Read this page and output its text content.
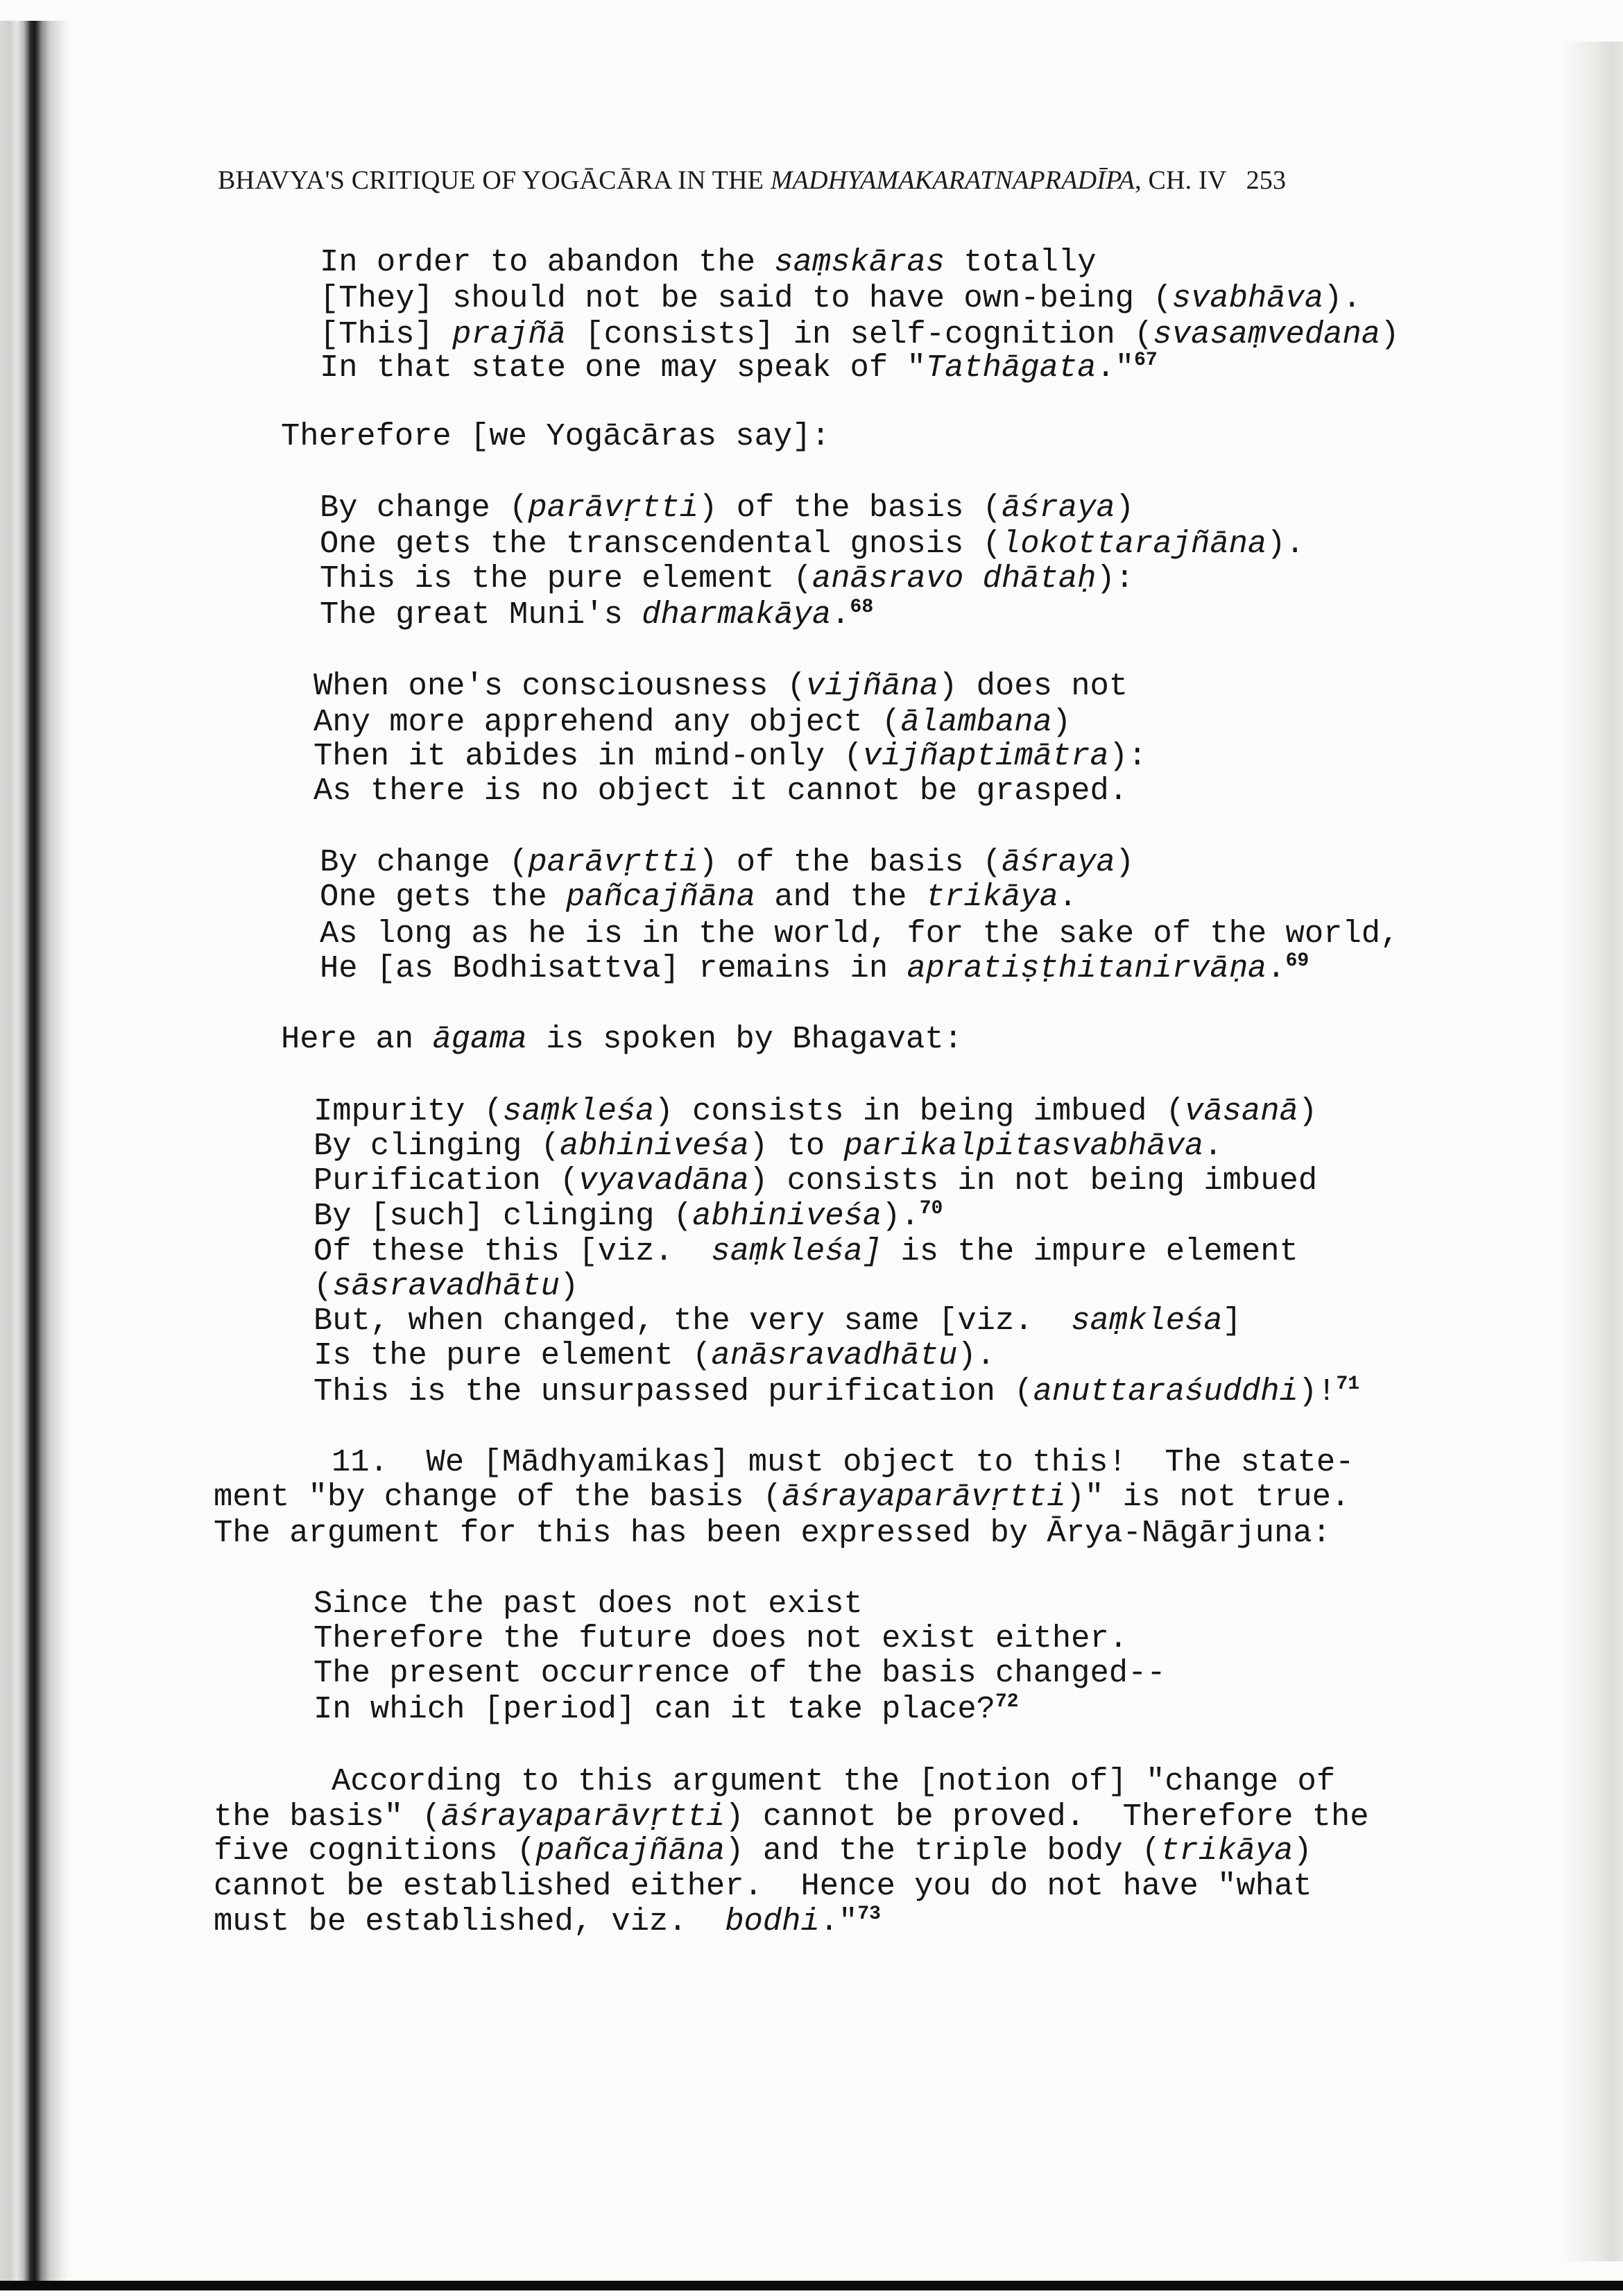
BHAVYA'S CRITIQUE OF YOGĀCĀRA IN THE MADHYAMAKARATNAPRADĪPA, CH. IV 253
In order to abandon the saṃskāras totally
[They] should not be said to have own-being (svabhāva).
[This] prajñā [consists] in self-cognition (svasaṃvedana)
In that state one may speak of "Tathāgata."$^{67}$
Therefore [we Yogācāras say]:
By change (parāvṛtti) of the basis (āśraya)
One gets the transcendental gnosis (lokottarajñāna).
This is the pure element (anāsravo dhātaḥ):
The great Muni's dharmakāya.$^{68}$
When one's consciousness (vijñāna) does not
Any more apprehend any object (ālambana)
Then it abides in mind-only (vijñaptimātra):
As there is no object it cannot be grasped.
By change (parāvṛtti) of the basis (āśraya)
One gets the pañcajñāna and the trikāya.
As long as he is in the world, for the sake of the world,
He [as Bodhisattva] remains in apratiṣṭhitanirvāṇa.$^{69}$
Here an āgama is spoken by Bhagavat:
Impurity (saṃkleśa) consists in being imbued (vāsanā)
By clinging (abhiniveśa) to parikalpitasvabhāva.
Purification (vyavadāna) consists in not being imbued
By [such] clinging (abhiniveśa).$^{70}$
Of these this [viz.  saṃkleśa] is the impure element
(sāsravadhātu)
But, when changed, the very same [viz.  saṃkleśa]
Is the pure element (anāsravadhātu).
This is the unsurpassed purification (anuttaraśuddhi)!$^{71}$
11.  We [Mādhyamikas] must object to this!  The state-
ment "by change of the basis (āśrayaparāvṛtti)" is not true.
The argument for this has been expressed by Ārya-Nāgārjuna:
Since the past does not exist
Therefore the future does not exist either.
The present occurrence of the basis changed--
In which [period] can it take place?$^{72}$
According to this argument the [notion of] "change of
the basis" (āśrayaparāvṛtti) cannot be proved.  Therefore the
five cognitions (pañcajñāna) and the triple body (trikāya)
cannot be established either.  Hence you do not have "what
must be established, viz.  bodhi."$^{73}$
